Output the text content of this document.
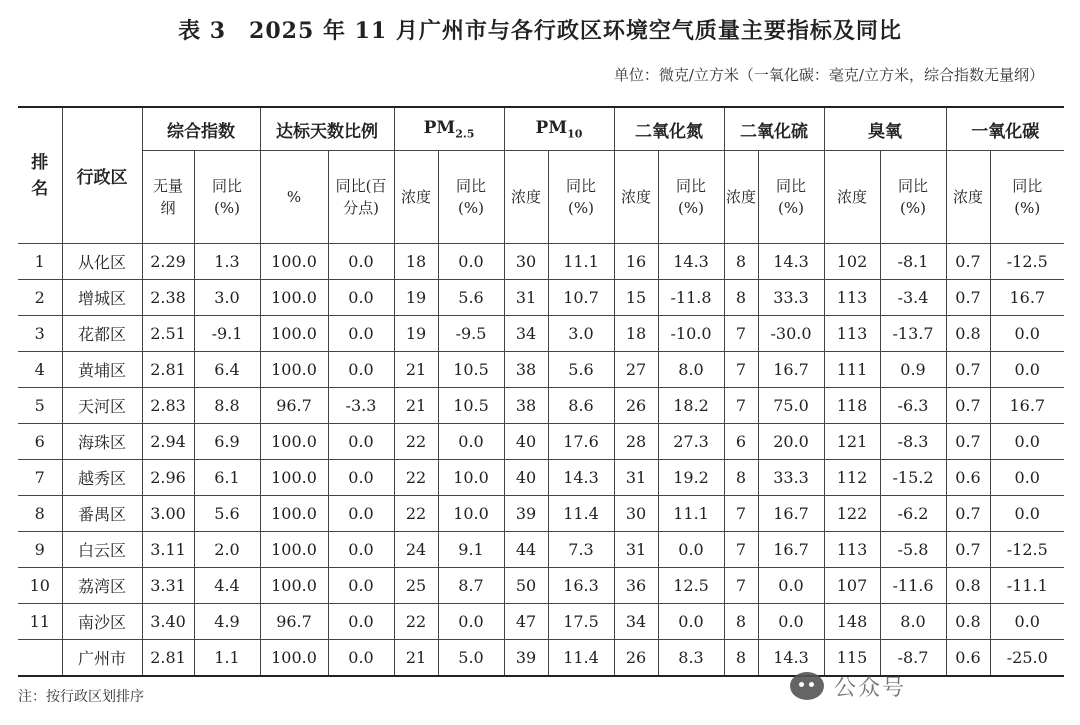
表 3　2025 年 11 月广州市与各行政区环境空气质量主要指标及同比
单位：微克/立方米（一氧化碳：毫克/立方米，综合指数无量纲）
排名	行政区	综合指数		达标天数比例		$PM_{2.5}$		$PM_{10}$		二氧化氮		二氧化硫		臭氧		一氧化碳	

		无量纲	同比(%)	%	同比(百分点)	浓度	同比(%)	浓度	同比(%)	浓度	同比(%)	浓度	同比(%)	浓度	同比(%)	浓度	同比(%)

1	从化区	2.29	1.3	100.0	0.0	18	0.0	30	11.1	16	14.3	8	14.3	102	-8.1	0.7	-12.5
2	增城区	2.38	3.0	100.0	0.0	19	5.6	31	10.7	15	-11.8	8	33.3	113	-3.4	0.7	16.7
3	花都区	2.51	-9.1	100.0	0.0	19	-9.5	34	3.0	18	-10.0	7	-30.0	113	-13.7	0.8	0.0
4	黄埔区	2.81	6.4	100.0	0.0	21	10.5	38	5.6	27	8.0	7	16.7	111	0.9	0.7	0.0
5	天河区	2.83	8.8	96.7	-3.3	21	10.5	38	8.6	26	18.2	7	75.0	118	-6.3	0.7	16.7
6	海珠区	2.94	6.9	100.0	0.0	22	0.0	40	17.6	28	27.3	6	20.0	121	-8.3	0.7	0.0
7	越秀区	2.96	6.1	100.0	0.0	22	10.0	40	14.3	31	19.2	8	33.3	112	-15.2	0.6	0.0
8	番禺区	3.00	5.6	100.0	0.0	22	10.0	39	11.4	30	11.1	7	16.7	122	-6.2	0.7	0.0
9	白云区	3.11	2.0	100.0	0.0	24	9.1	44	7.3	31	0.0	7	16.7	113	-5.8	0.7	-12.5
10	荔湾区	3.31	4.4	100.0	0.0	25	8.7	50	16.3	36	12.5	7	0.0	107	-11.6	0.8	-11.1
11	南沙区	3.40	4.9	96.7	0.0	22	0.0	47	17.5	34	0.0	8	0.0	148	8.0	0.8	0.0
	广州市	2.81	1.1	100.0	0.0	21	5.0	39	11.4	26	8.3	8	14.3	115	-8.7	0.6	-25.0
注：按行政区划排序	公众号
